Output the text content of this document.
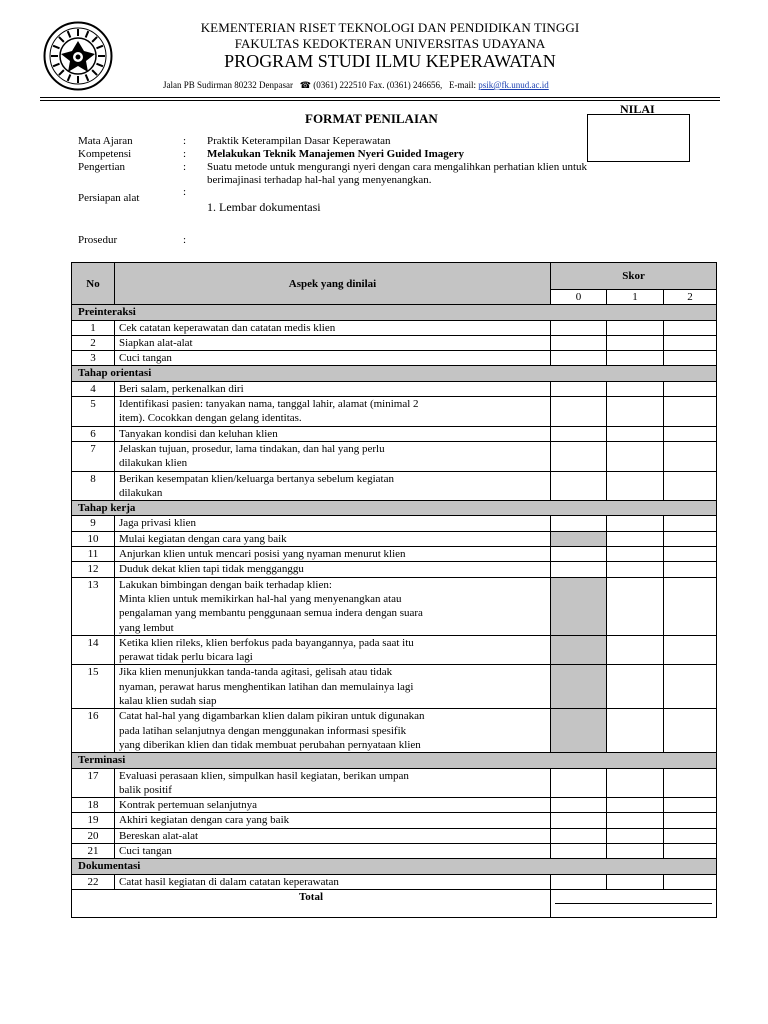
KEMENTERIAN RISET TEKNOLOGI DAN PENDIDIKAN TINGGI
FAKULTAS KEDOKTERAN UNIVERSITAS UDAYANA
PROGRAM STUDI ILMU KEPERAWATAN
Jalan PB Sudirman 80232 Denpasar ☎ (0361) 222510 Fax. (0361) 246656, E-mail: psik@fk.unud.ac.id
FORMAT PENILAIAN
NILAI
Mata Ajaran	: Praktik Keterampilan Dasar Keperawatan
Kompetensi	: Melakukan Teknik Manajemen Nyeri Guided Imagery
Pengertian	: Suatu metode untuk mengurangi nyeri dengan cara mengalihkan perhatian klien untuk
berimajinasi terhadap hal-hal yang menyenangkan.
Persiapan alat	:
1. Lembar dokumentasi
Prosedur	:
No	Aspek yang dinilai	Skor		
		0	1	2
Preinteraksi				
1	Cek catatan keperawatan dan catatan medis klien			
2	Siapkan alat-alat			
3	Cuci tangan			
Tahap orientasi				
4	Beri salam, perkenalkan diri			
5	Identifikasi pasien: tanyakan nama, tanggal lahir, alamat (minimal 2
item). Cocokkan dengan gelang identitas.			
6	Tanyakan kondisi dan keluhan klien			
7	Jelaskan tujuan, prosedur, lama tindakan, dan hal yang perlu
dilakukan klien			
8	Berikan kesempatan klien/keluarga bertanya sebelum kegiatan
dilakukan			
Tahap kerja				
9	Jaga privasi klien			
10	Mulai kegiatan dengan cara yang baik			
11	Anjurkan klien untuk mencari posisi yang nyaman menurut klien			
12	Duduk dekat klien tapi tidak mengganggu			
13	Lakukan bimbingan dengan baik terhadap klien:
Minta klien untuk memikirkan hal-hal yang menyenangkan atau
pengalaman yang membantu penggunaan semua indera dengan suara
yang lembut			
14	Ketika klien rileks, klien berfokus pada bayangannya, pada saat itu
perawat tidak perlu bicara lagi			
15	Jika klien menunjukkan tanda-tanda agitasi, gelisah atau tidak
nyaman, perawat harus menghentikan latihan dan memulainya lagi
kalau klien sudah siap			
16	Catat hal-hal yang digambarkan klien dalam pikiran untuk digunakan
pada latihan selanjutnya dengan menggunakan informasi spesifik
yang diberikan klien dan tidak membuat perubahan pernyataan klien			
Terminasi				
17	Evaluasi perasaan klien, simpulkan hasil kegiatan, berikan umpan
balik positif			
18	Kontrak pertemuan selanjutnya			
19	Akhiri kegiatan dengan cara yang baik			
20	Bereskan alat-alat			
21	Cuci tangan			
Dokumentasi				
22	Catat hasil kegiatan di dalam catatan keperawatan			
Total				
